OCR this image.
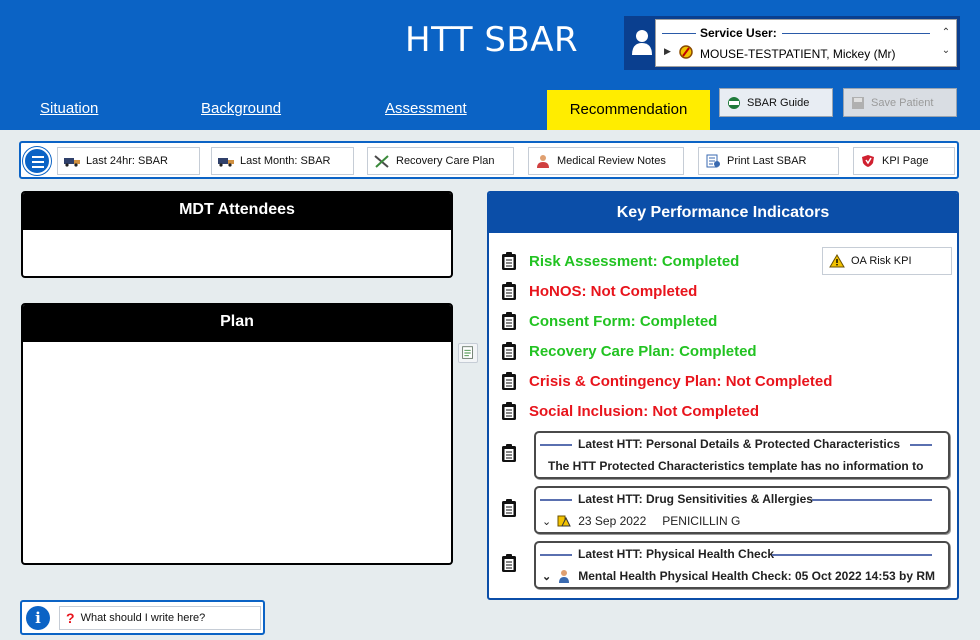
HTT SBAR	Service User:
▶ MOUSE-TESTPATIENT, Mickey (Mr)
⌃
⌄
Situation	Background	Assessment	Recommendation	SBAR Guide	Save Patient
Last 24hr: SBAR	Last Month: SBAR	Recovery Care Plan	Medical Review Notes	Print Last SBAR	KPI Page
MDT Attendees
Plan
Key Performance Indicators
OA Risk KPI
Risk Assessment: Completed
HoNOS: Not Completed
Consent Form: Completed
Recovery Care Plan: Completed
Crisis & Contingency Plan: Not Completed
Social Inclusion: Not Completed
Latest HTT: Personal Details & Protected Characteristics
The HTT Protected Characteristics template has no information to
Latest HTT: Drug Sensitivities & Allergies
⌄ 23 Sep 2022 PENICILLIN G
Latest HTT: Physical Health Check
⌄ Mental Health Physical Health Check: 05 Oct 2022 14:53 by RM
i	? What should I write here?
